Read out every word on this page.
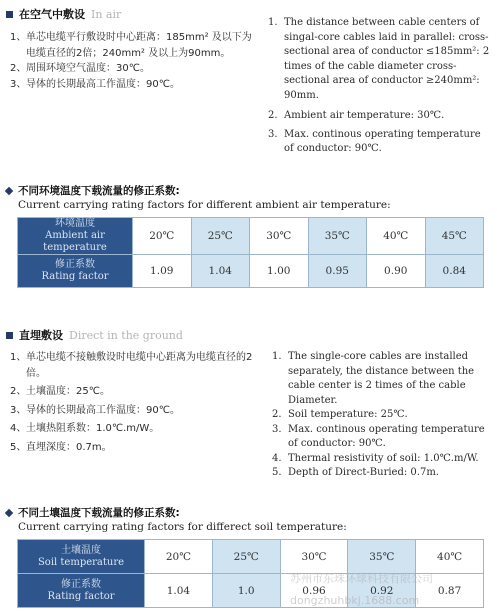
在空气中敷设 In air
1、 单芯电缆平行敷设时中心距离：185mm² 及以下为电缆直径的2倍；240mm² 及以上为90mm。
2、 周围环境空气温度：30℃。
3、 导体的长期最高工作温度：90℃。
1. The distance between cable centers of singal-core cables laid in parallel: cross-sectional area of conductor ≤185mm²: 2 times of the cable diameter cross-sectional area of conductor ≥240mm²: 90mm.
2. Ambient air temperature: 30℃.
3. Max. continous operating temperature of conductor: 90℃.
不同环境温度下载流量的修正系数:
Current carrying rating factors for different ambient air temperature:
环境温度
Ambient air temperature	20℃	25℃	30℃	35℃	40℃	45℃

修正系数
Rating factor	1.09	1.04	1.00	0.95	0.90	0.84
直埋敷设 Direct in the ground
1、 单芯电缆不接触敷设时电缆中心距离为电缆直径的2倍。
2、 土壤温度：25℃。
3、 导体的长期最高工作温度：90℃。
4、 土壤热阻系数：1.0℃.m/W。
5、 直埋深度：0.7m。
1. The single-core cables are installed separately, the distance between the cable center is 2 times of the cable Diameter.
2. Soil temperature: 25℃.
3. Max. continous operating temperature of conductor: 90℃.
4. Thermal resistivity of soil: 1.0℃.m/W.
5. Depth of Direct-Buried: 0.7m.
不同土壤温度下载流量的修正系数:
Current carrying rating factors for differect soil temperature:
土壤温度
Soil temperature	20℃	25℃	30℃	35℃	40℃

修正系数
Rating factor	1.04	1.0	0.96	0.92	0.87
苏州市东珠环球科技有限公司
dongzhuhbkj.1688.com
